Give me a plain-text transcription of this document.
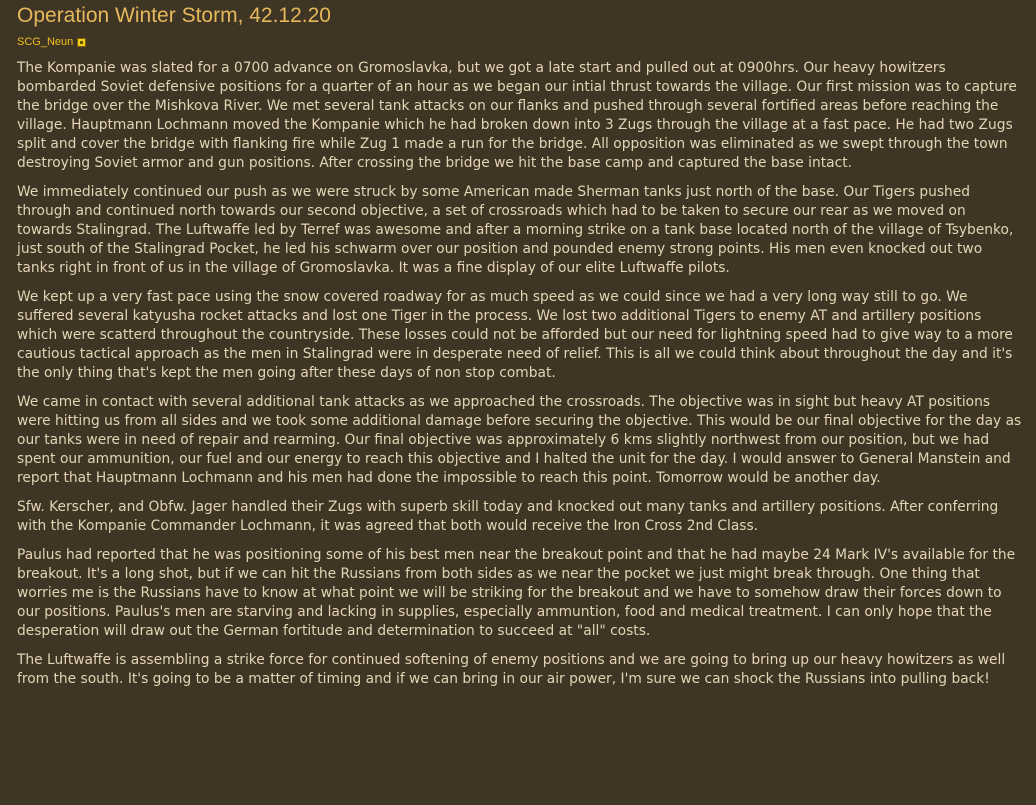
Operation Winter Storm, 42.12.20
SCG_Neun

The Kompanie was slated for a 0700 advance on Gromoslavka, but we got a late start and pulled out at 0900hrs. Our heavy howitzers bombarded Soviet defensive positions for a quarter of an hour as we began our intial thrust towards the village. Our first mission was to capture the bridge over the Mishkova River. We met several tank attacks on our flanks and pushed through several fortified areas before reaching the village. Hauptmann Lochmann moved the Kompanie which he had broken down into 3 Zugs through the village at a fast pace. He had two Zugs split and cover the bridge with flanking fire while Zug 1 made a run for the bridge. All opposition was eliminated as we swept through the town destroying Soviet armor and gun positions. After crossing the bridge we hit the base camp and captured the base intact.

We immediately continued our push as we were struck by some American made Sherman tanks just north of the base. Our Tigers pushed through and continued north towards our second objective, a set of crossroads which had to be taken to secure our rear as we moved on towards Stalingrad. The Luftwaffe led by Terref was awesome and after a morning strike on a tank base located north of the village of Tsybenko, just south of the Stalingrad Pocket, he led his schwarm over our position and pounded enemy strong points. His men even knocked out two tanks right in front of us in the village of Gromoslavka. It was a fine display of our elite Luftwaffe pilots.

We kept up a very fast pace using the snow covered roadway for as much speed as we could since we had a very long way still to go. We suffered several katyusha rocket attacks and lost one Tiger in the process. We lost two additional Tigers to enemy AT and artillery positions which were scatterd throughout the countryside. These losses could not be afforded but our need for lightning speed had to give way to a more cautious tactical approach as the men in Stalingrad were in desperate need of relief. This is all we could think about throughout the day and it's the only thing that's kept the men going after these days of non stop combat.

We came in contact with several additional tank attacks as we approached the crossroads. The objective was in sight but heavy AT positions were hitting us from all sides and we took some additional damage before securing the objective. This would be our final objective for the day as our tanks were in need of repair and rearming. Our final objective was approximately 6 kms slightly northwest from our position, but we had spent our ammunition, our fuel and our energy to reach this objective and I halted the unit for the day. I would answer to General Manstein and report that Hauptmann Lochmann and his men had done the impossible to reach this point. Tomorrow would be another day.

Sfw. Kerscher, and Obfw. Jager handled their Zugs with superb skill today and knocked out many tanks and artillery positions. After conferring with the Kompanie Commander Lochmann, it was agreed that both would receive the Iron Cross 2nd Class.

Paulus had reported that he was positioning some of his best men near the breakout point and that he had maybe 24 Mark IV's available for the breakout. It's a long shot, but if we can hit the Russians from both sides as we near the pocket we just might break through. One thing that worries me is the Russians have to know at what point we will be striking for the breakout and we have to somehow draw their forces down to our positions. Paulus's men are starving and lacking in supplies, especially ammuntion, food and medical treatment. I can only hope that the desperation will draw out the German fortitude and determination to succeed at "all" costs.

The Luftwaffe is assembling a strike force for continued softening of enemy positions and we are going to bring up our heavy howitzers as well from the south. It's going to be a matter of timing and if we can bring in our air power, I'm sure we can shock the Russians into pulling back!
